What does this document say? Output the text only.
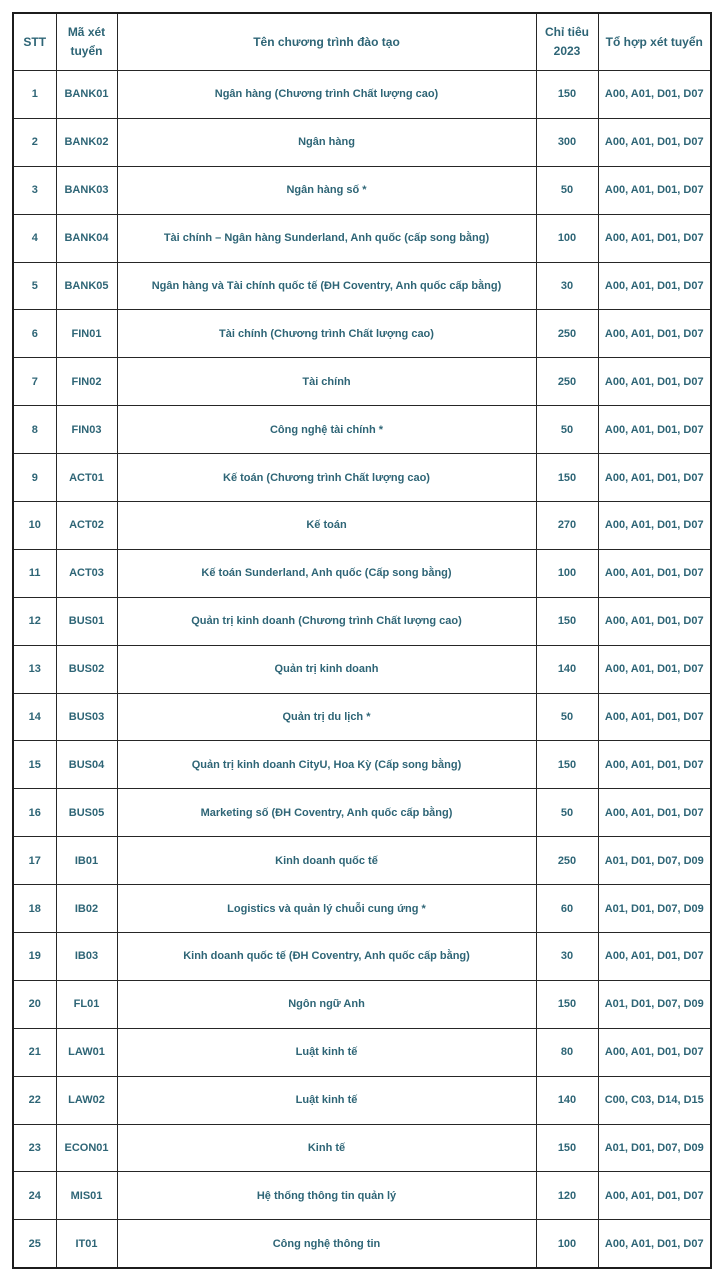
STT	Mã xét tuyển	Tên chương trình đào tạo	Chỉ tiêu 2023	Tổ hợp xét tuyển
1	BANK01	Ngân hàng (Chương trình Chất lượng cao)	150	A00, A01, D01, D07
2	BANK02	Ngân hàng	300	A00, A01, D01, D07
3	BANK03	Ngân hàng số *	50	A00, A01, D01, D07
4	BANK04	Tài chính – Ngân hàng Sunderland, Anh quốc (cấp song bằng)	100	A00, A01, D01, D07
5	BANK05	Ngân hàng và Tài chính quốc tế (ĐH Coventry, Anh quốc cấp bằng)	30	A00, A01, D01, D07
6	FIN01	Tài chính (Chương trình Chất lượng cao)	250	A00, A01, D01, D07
7	FIN02	Tài chính	250	A00, A01, D01, D07
8	FIN03	Công nghệ tài chính *	50	A00, A01, D01, D07
9	ACT01	Kế toán (Chương trình Chất lượng cao)	150	A00, A01, D01, D07
10	ACT02	Kế toán	270	A00, A01, D01, D07
11	ACT03	Kế toán Sunderland, Anh quốc (Cấp song bằng)	100	A00, A01, D01, D07
12	BUS01	Quản trị kinh doanh (Chương trình Chất lượng cao)	150	A00, A01, D01, D07
13	BUS02	Quản trị kinh doanh	140	A00, A01, D01, D07
14	BUS03	Quản trị du lịch *	50	A00, A01, D01, D07
15	BUS04	Quản trị kinh doanh CityU, Hoa Kỳ (Cấp song bằng)	150	A00, A01, D01, D07
16	BUS05	Marketing số (ĐH Coventry, Anh quốc cấp bằng)	50	A00, A01, D01, D07
17	IB01	Kinh doanh quốc tế	250	A01, D01, D07, D09
18	IB02	Logistics và quản lý chuỗi cung ứng *	60	A01, D01, D07, D09
19	IB03	Kinh doanh quốc tế (ĐH Coventry, Anh quốc cấp bằng)	30	A00, A01, D01, D07
20	FL01	Ngôn ngữ Anh	150	A01, D01, D07, D09
21	LAW01	Luật kinh tế	80	A00, A01, D01, D07
22	LAW02	Luật kinh tế	140	C00, C03, D14, D15
23	ECON01	Kinh tế	150	A01, D01, D07, D09
24	MIS01	Hệ thống thông tin quản lý	120	A00, A01, D01, D07
25	IT01	Công nghệ thông tin	100	A00, A01, D01, D07
